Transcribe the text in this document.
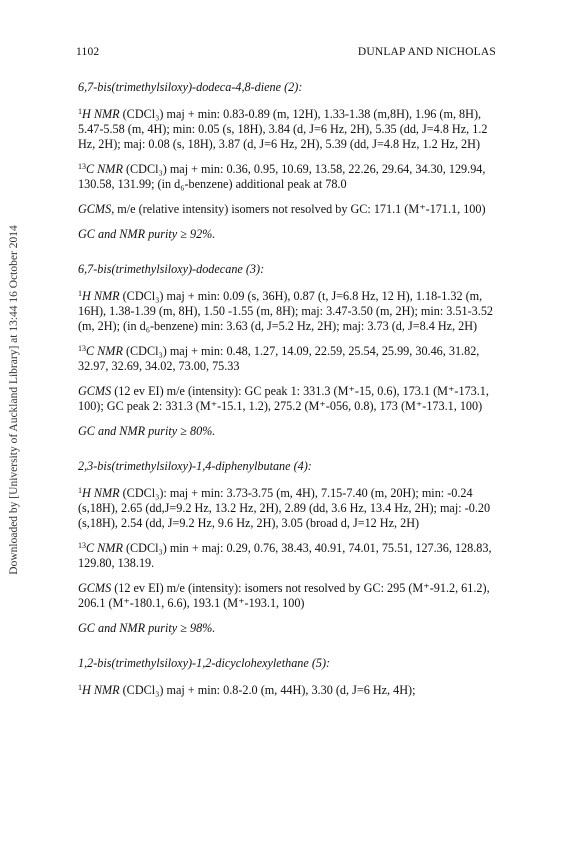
Downloaded by [University of Auckland Library] at 13:44 16 October 2014
1102	DUNLAP AND NICHOLAS

6,7-bis(trimethylsiloxy)-dodeca-4,8-diene (2):

$^1$H NMR (CDCl₃) maj + min: 0.83-0.89 (m, 12H), 1.33-1.38 (m,8H), 1.96 (m, 8H), 5.47-5.58 (m, 4H); min: 0.05 (s, 18H), 3.84 (d, J=6 Hz, 2H), 5.35 (dd, J=4.8 Hz, 1.2 Hz, 2H); maj: 0.08 (s, 18H), 3.87 (d, J=6 Hz, 2H), 5.39 (dd, J=4.8 Hz, 1.2 Hz, 2H)

$^{13}$C NMR (CDCl₃) maj + min: 0.36, 0.95, 10.69, 13.58, 22.26, 29.64, 34.30, 129.94, 130.58, 131.99; (in d₆-benzene) additional peak at 78.0

GCMS, m/e (relative intensity) isomers not resolved by GC: 171.1 (M⁺-171.1, 100)

GC and NMR purity ≥ 92%.

6,7-bis(trimethylsiloxy)-dodecane (3):

$^1$H NMR (CDCl₃) maj + min: 0.09 (s, 36H), 0.87 (t, J=6.8 Hz, 12 H), 1.18-1.32 (m, 16H), 1.38-1.39 (m, 8H), 1.50 -1.55 (m, 8H); maj: 3.47-3.50 (m, 2H); min: 3.51-3.52 (m, 2H); (in d₆-benzene) min: 3.63 (d, J=5.2 Hz, 2H); maj: 3.73 (d, J=8.4 Hz, 2H)

$^{13}$C NMR (CDCl₃) maj + min: 0.48, 1.27, 14.09, 22.59, 25.54, 25.99, 30.46, 31.82, 32.97, 32.69, 34.02, 73.00, 75.33

GCMS (12 ev EI) m/e (intensity): GC peak 1: 331.3 (M⁺-15, 0.6), 173.1 (M⁺-173.1, 100); GC peak 2: 331.3 (M⁺-15.1, 1.2), 275.2 (M⁺-056, 0.8), 173 (M⁺-173.1, 100)

GC and NMR purity ≥ 80%.

2,3-bis(trimethylsiloxy)-1,4-diphenylbutane (4):

$^1$H NMR (CDCl₃): maj + min: 3.73-3.75 (m, 4H), 7.15-7.40 (m, 20H); min: -0.24 (s,18H), 2.65 (dd,J=9.2 Hz, 13.2 Hz, 2H), 2.89 (dd, 3.6 Hz, 13.4 Hz, 2H); maj: -0.20 (s,18H), 2.54 (dd, J=9.2 Hz, 9.6 Hz, 2H), 3.05 (broad d, J=12 Hz, 2H)

$^{13}$C NMR (CDCl₃) min + maj: 0.29, 0.76, 38.43, 40.91, 74.01, 75.51, 127.36, 128.83, 129.80, 138.19.

GCMS (12 ev EI) m/e (intensity): isomers not resolved by GC: 295 (M⁺-91.2, 61.2), 206.1 (M⁺-180.1, 6.6), 193.1 (M⁺-193.1, 100)

GC and NMR purity ≥ 98%.

1,2-bis(trimethylsiloxy)-1,2-dicyclohexylethane (5):

$^1$H NMR (CDCl₃) maj + min: 0.8-2.0 (m, 44H), 3.30 (d, J=6 Hz, 4H);
